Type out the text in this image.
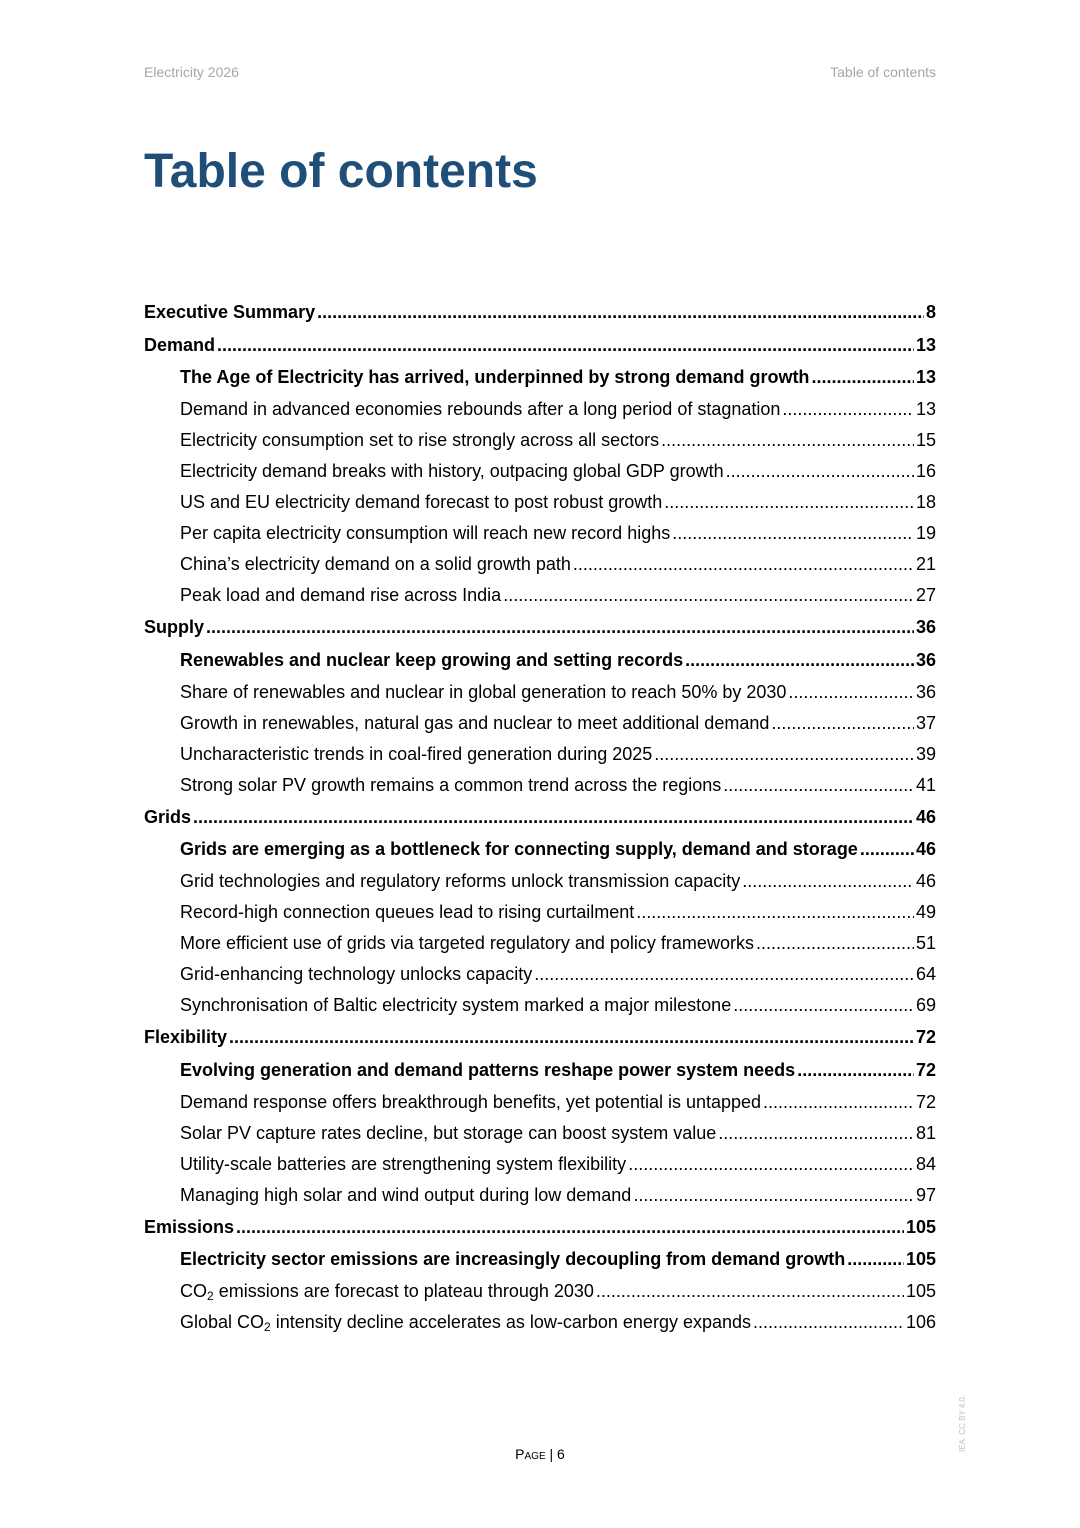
Electricity 2026	Table of contents
Table of contents
Executive Summary .....	8
Demand .....	13
The Age of Electricity has arrived, underpinned by strong demand growth .....	13
Demand in advanced economies rebounds after a long period of stagnation .....	13
Electricity consumption set to rise strongly across all sectors .....	15
Electricity demand breaks with history, outpacing global GDP growth .....	16
US and EU electricity demand forecast to post robust growth .....	18
Per capita electricity consumption will reach new record highs .....	19
China’s electricity demand on a solid growth path .....	21
Peak load and demand rise across India .....	27
Supply .....	36
Renewables and nuclear keep growing and setting records .....	36
Share of renewables and nuclear in global generation to reach 50% by 2030 .....	36
Growth in renewables, natural gas and nuclear to meet additional demand .....	37
Uncharacteristic trends in coal-fired generation during 2025 .....	39
Strong solar PV growth remains a common trend across the regions .....	41
Grids .....	46
Grids are emerging as a bottleneck for connecting supply, demand and storage .....	46
Grid technologies and regulatory reforms unlock transmission capacity .....	46
Record-high connection queues lead to rising curtailment .....	49
More efficient use of grids via targeted regulatory and policy frameworks .....	51
Grid-enhancing technology unlocks capacity .....	64
Synchronisation of Baltic electricity system marked a major milestone .....	69
Flexibility .....	72
Evolving generation and demand patterns reshape power system needs .....	72
Demand response offers breakthrough benefits, yet potential is untapped .....	72
Solar PV capture rates decline, but storage can boost system value .....	81
Utility-scale batteries are strengthening system flexibility .....	84
Managing high solar and wind output during low demand .....	97
Emissions .....	105
Electricity sector emissions are increasingly decoupling from demand growth .....	105
$CO_2$ emissions are forecast to plateau through 2030 .....	105
Global $CO_2$ intensity decline accelerates as low-carbon energy expands .....	106
Page | 6
IEA. CC BY 4.0.
